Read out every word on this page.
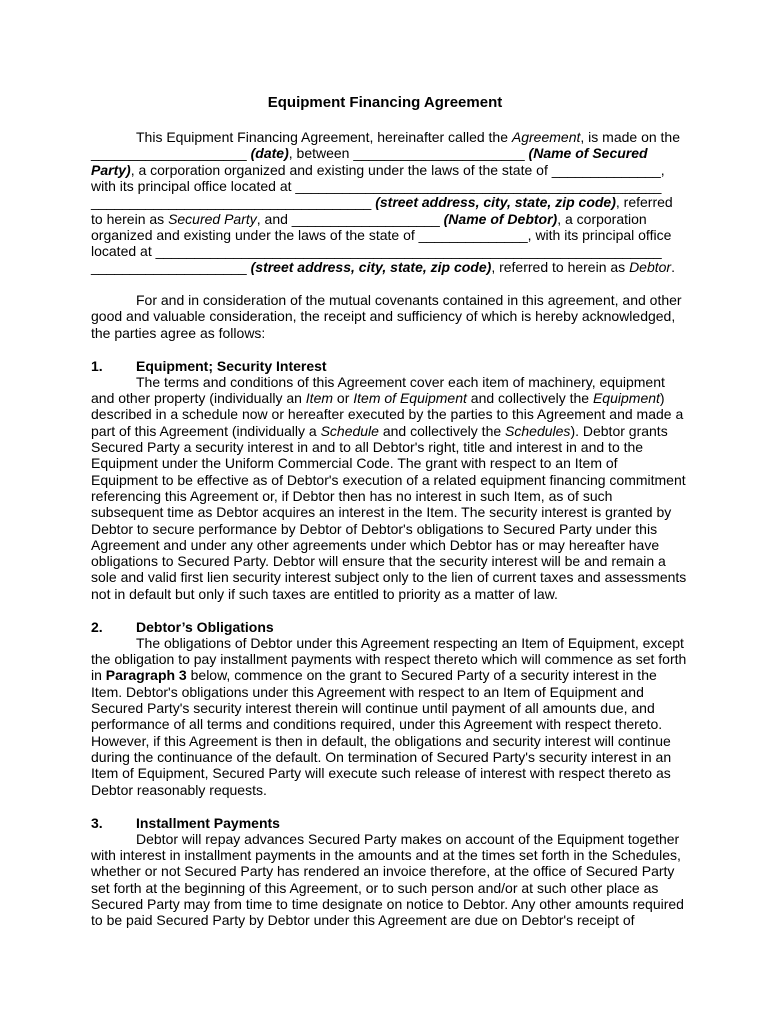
Equipment Financing Agreement
This Equipment Financing Agreement, hereinafter called the Agreement, is made on the
____________________ (date), between ______________________ (Name of Secured
Party), a corporation organized and existing under the laws of the state of ______________,
with its principal office located at _______________________________________________
____________________________________ (street address, city, state, zip code), referred
to herein as Secured Party, and ___________________ (Name of Debtor), a corporation
organized and existing under the laws of the state of ______________, with its principal office
located at _________________________________________________________________
____________________ (street address, city, state, zip code), referred to herein as Debtor.
For and in consideration of the mutual covenants contained in this agreement, and other
good and valuable consideration, the receipt and sufficiency of which is hereby acknowledged,
the parties agree as follows:
1. Equipment; Security Interest
The terms and conditions of this Agreement cover each item of machinery, equipment
and other property (individually an Item or Item of Equipment and collectively the Equipment)
described in a schedule now or hereafter executed by the parties to this Agreement and made a
part of this Agreement (individually a Schedule and collectively the Schedules). Debtor grants
Secured Party a security interest in and to all Debtor's right, title and interest in and to the
Equipment under the Uniform Commercial Code. The grant with respect to an Item of
Equipment to be effective as of Debtor's execution of a related equipment financing commitment
referencing this Agreement or, if Debtor then has no interest in such Item, as of such
subsequent time as Debtor acquires an interest in the Item. The security interest is granted by
Debtor to secure performance by Debtor of Debtor's obligations to Secured Party under this
Agreement and under any other agreements under which Debtor has or may hereafter have
obligations to Secured Party. Debtor will ensure that the security interest will be and remain a
sole and valid first lien security interest subject only to the lien of current taxes and assessments
not in default but only if such taxes are entitled to priority as a matter of law.
2. Debtor’s Obligations
The obligations of Debtor under this Agreement respecting an Item of Equipment, except
the obligation to pay installment payments with respect thereto which will commence as set forth
in Paragraph 3 below, commence on the grant to Secured Party of a security interest in the
Item. Debtor's obligations under this Agreement with respect to an Item of Equipment and
Secured Party's security interest therein will continue until payment of all amounts due, and
performance of all terms and conditions required, under this Agreement with respect thereto.
However, if this Agreement is then in default, the obligations and security interest will continue
during the continuance of the default. On termination of Secured Party's security interest in an
Item of Equipment, Secured Party will execute such release of interest with respect thereto as
Debtor reasonably requests.
3. Installment Payments
Debtor will repay advances Secured Party makes on account of the Equipment together
with interest in installment payments in the amounts and at the times set forth in the Schedules,
whether or not Secured Party has rendered an invoice therefore, at the office of Secured Party
set forth at the beginning of this Agreement, or to such person and/or at such other place as
Secured Party may from time to time designate on notice to Debtor. Any other amounts required
to be paid Secured Party by Debtor under this Agreement are due on Debtor's receipt of
